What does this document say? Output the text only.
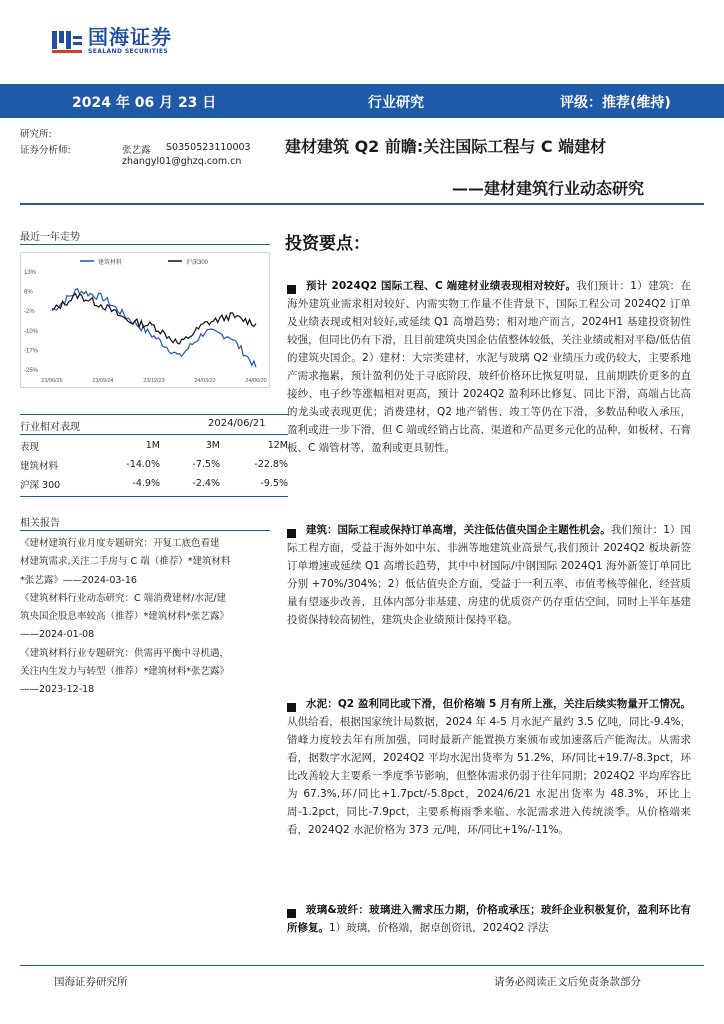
国海证券
SEALAND SECURITIES
2024 年 06 月 23 日	行业研究	评级：推荐(维持)
研究所:
证券分析师:	张艺露 S0350523110003
zhangyl01@ghzq.com.cn
建材建筑 Q2 前瞻:关注国际工程与 C 端建材
——建材建筑行业动态研究
最近一年走势
建筑材料	沪深300
13%
6%
-2%
-10%
-17%
-25%
23/06/26	23/09/24	23/12/23	24/03/22	24/06/20
行业相对表现	2024/06/21
表现	1M	3M	12M
建筑材料	-14.0%	-7.5%	-22.8%
沪深 300	-4.9%	-2.4%	-9.5%
相关报告
《建材建筑行业月度专题研究：开复工底色看建
材建筑需求,关注二手房与 C 端（推荐）*建筑材料
*张艺露》——2024-03-16
《建筑材料行业动态研究：C 端消费建材/水泥/建
筑央国企股息率较高（推荐）*建筑材料*张艺露》
——2024-01-08
《建筑材料行业专题研究：供需再平衡中寻机遇，
关注内生发力与转型（推荐）*建筑材料*张艺露》
——2023-12-18
投资要点：
预计 2024Q2 国际工程、C 端建材业绩表现相对较好。我们预计：1）建筑：在海外建筑业需求相对较好、内需实物工作量不佳背景下，国际工程公司 2024Q2 订单及业绩表现或相对较好,或延续 Q1 高增趋势；相对地产而言，2024H1 基建投资韧性较强，但同比仍有下滑，且目前建筑央国企估值整体较低，关注业绩或相对平稳/低估值的建筑央国企。2）建材：大宗类建材，水泥与玻璃 Q2 业绩压力或仍较大，主要系地产需求拖累，预计盈利仍处于寻底阶段，玻纤价格环比恢复明显，且前期跌价更多的直接纱、电子纱等涨幅相对更高，预计 2024Q2 盈利环比修复、同比下滑，高端占比高的龙头或表现更优；消费建材，Q2 地产销售、竣工等仍在下滑，多数品种收入承压，盈利或进一步下滑，但 C 端或经销占比高、渠道和产品更多元化的品种，如板材、石膏板、C 端管材等，盈利或更具韧性。
建筑：国际工程或保持订单高增，关注低估值央国企主题性机会。我们预计：1）国际工程方面，受益于海外如中东、非洲等地建筑业高景气,我们预计 2024Q2 板块新签订单增速或延续 Q1 高增长趋势，其中中材国际/中钢国际 2024Q1 海外新签订单同比分别 +70%/304%；2）低估值央企方面，受益于一利五率、市值考核等催化，经营质量有望逐步改善，且体内部分非基建、房建的优质资产仍存重估空间，同时上半年基建投资保持较高韧性，建筑央企业绩预计保持平稳。
水泥：Q2 盈利同比或下滑，但价格端 5 月有所上涨，关注后续实物量开工情况。从供给看，根据国家统计局数据，2024 年 4-5 月水泥产量约 3.5 亿吨，同比-9.4%，错峰力度较去年有所加强，同时最新产能置换方案颁布或加速落后产能淘汰。从需求看，据数字水泥网，2024Q2 平均水泥出货率为 51.2%，环/同比+19.7/-8.3pct，环比改善较大主要系一季度季节影响，但整体需求仍弱于往年同期；2024Q2 平均库容比为 67.3%,环/同比+1.7pct/-5.8pct，2024/6/21 水泥出货率为 48.3%，环比上周-1.2pct，同比-7.9pct，主要系梅雨季来临、水泥需求进入传统淡季。从价格端来看，2024Q2 水泥价格为 373 元/吨，环/同比+1%/-11%。
玻璃&玻纤：玻璃进入需求压力期，价格或承压；玻纤企业积极复价，盈利环比有所修复。1）玻璃，价格端，据卓创资讯，2024Q2 浮法
国海证券研究所	请务必阅读正文后免责条款部分
